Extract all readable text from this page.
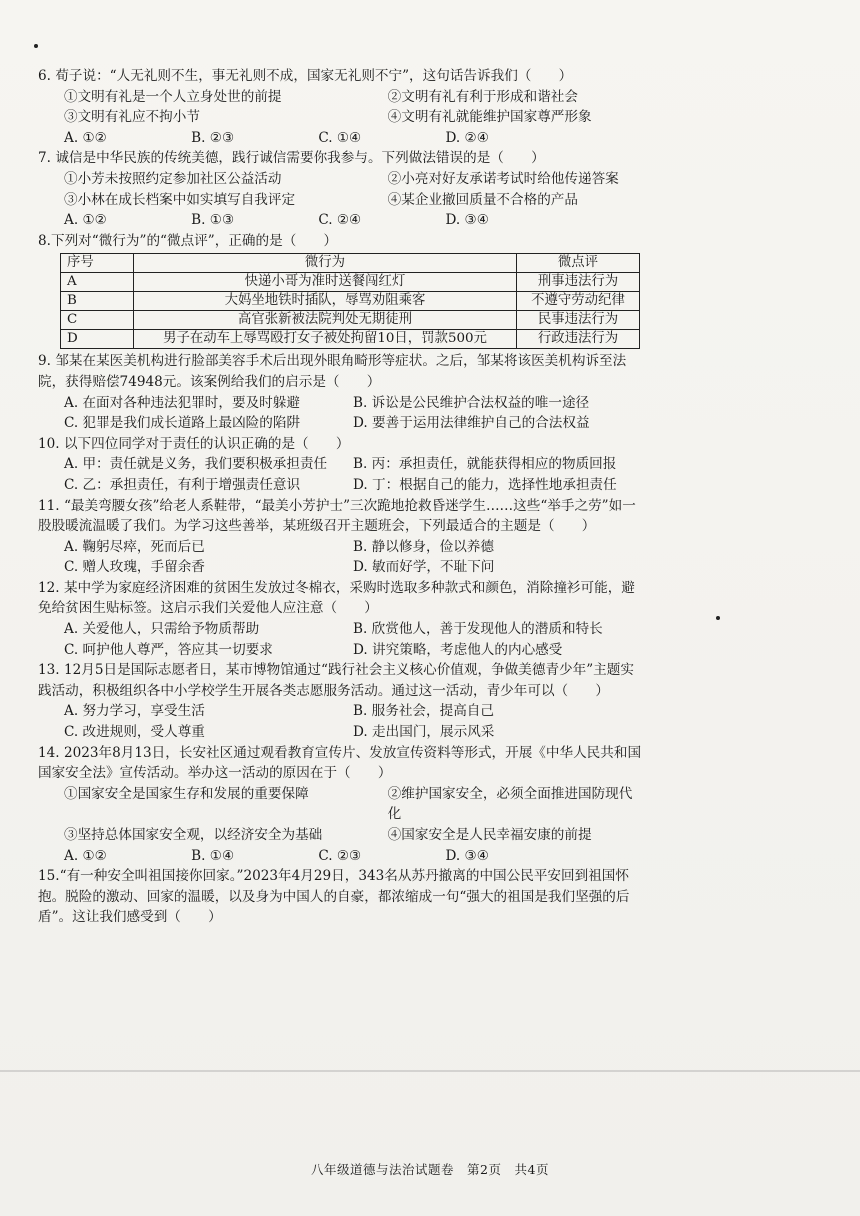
6. 荀子说：“人无礼则不生，事无礼则不成，国家无礼则不宁”，这句话告诉我们（　　）

①文明有礼是一个人立身处世的前提	②文明有礼有利于形成和谐社会
③文明有礼应不拘小节	④文明有礼就能维护国家尊严形象
A. ①②	B. ②③	C. ①④	D. ②④

7. 诚信是中华民族的传统美德，践行诚信需要你我参与。下列做法错误的是（　　）

①小芳未按照约定参加社区公益活动	②小亮对好友承诺考试时给他传递答案
③小林在成长档案中如实填写自我评定	④某企业撤回质量不合格的产品
A. ①②	B. ①③	C. ②④	D. ③④

8.下列对“微行为”的“微点评”，正确的是（　　）

序号	微行为	微点评
A	快递小哥为准时送餐闯红灯	刑事违法行为
B	大妈坐地铁时插队，辱骂劝阻乘客	不遵守劳动纪律
C	高官张新被法院判处无期徒刑	民事违法行为
D	男子在动车上辱骂殴打女子被处拘留10日，罚款500元	行政违法行为

9. 邹某在某医美机构进行脸部美容手术后出现外眼角畸形等症状。之后，邹某将该医美机构诉至法院，获得赔偿74948元。该案例给我们的启示是（　　）

A. 在面对各种违法犯罪时，要及时躲避	B. 诉讼是公民维护合法权益的唯一途径
C. 犯罪是我们成长道路上最凶险的陷阱	D. 要善于运用法律维护自己的合法权益

10. 以下四位同学对于责任的认识正确的是（　　）

A. 甲：责任就是义务，我们要积极承担责任	B. 丙：承担责任，就能获得相应的物质回报
C. 乙：承担责任，有利于增强责任意识	D. 丁：根据自己的能力，选择性地承担责任

11. “最美弯腰女孩”给老人系鞋带，“最美小芳护士”三次跪地抢救昏迷学生……这些“举手之劳”如一股股暖流温暖了我们。为学习这些善举，某班级召开主题班会，下列最适合的主题是（　　）

A. 鞠躬尽瘁，死而后已	B. 静以修身，俭以养德
C. 赠人玫瑰，手留余香	D. 敏而好学，不耻下问

12. 某中学为家庭经济困难的贫困生发放过冬棉衣，采购时选取多种款式和颜色，消除撞衫可能，避免给贫困生贴标签。这启示我们关爱他人应注意（　　）

A. 关爱他人，只需给予物质帮助	B. 欣赏他人，善于发现他人的潜质和特长
C. 呵护他人尊严，答应其一切要求	D. 讲究策略，考虑他人的内心感受

13. 12月5日是国际志愿者日，某市博物馆通过“践行社会主义核心价值观，争做美德青少年”主题实践活动，积极组织各中小学校学生开展各类志愿服务活动。通过这一活动，青少年可以（　　）

A. 努力学习，享受生活	B. 服务社会，提高自己
C. 改进规则，受人尊重	D. 走出国门，展示风采

14. 2023年8月13日，长安社区通过观看教育宣传片、发放宣传资料等形式，开展《中华人民共和国国家安全法》宣传活动。举办这一活动的原因在于（　　）

①国家安全是国家生存和发展的重要保障	②维护国家安全，必须全面推进国防现代化
③坚持总体国家安全观，以经济安全为基础	④国家安全是人民幸福安康的前提
A. ①②	B. ①④	C. ②③	D. ③④

15.“有一种安全叫祖国接你回家。”2023年4月29日，343名从苏丹撤离的中国公民平安回到祖国怀抱。脱险的激动、回家的温暖，以及身为中国人的自豪，都浓缩成一句“强大的祖国是我们坚强的后盾”。这让我们感受到（　　）

八年级道德与法治试题卷　第2页　共4页
